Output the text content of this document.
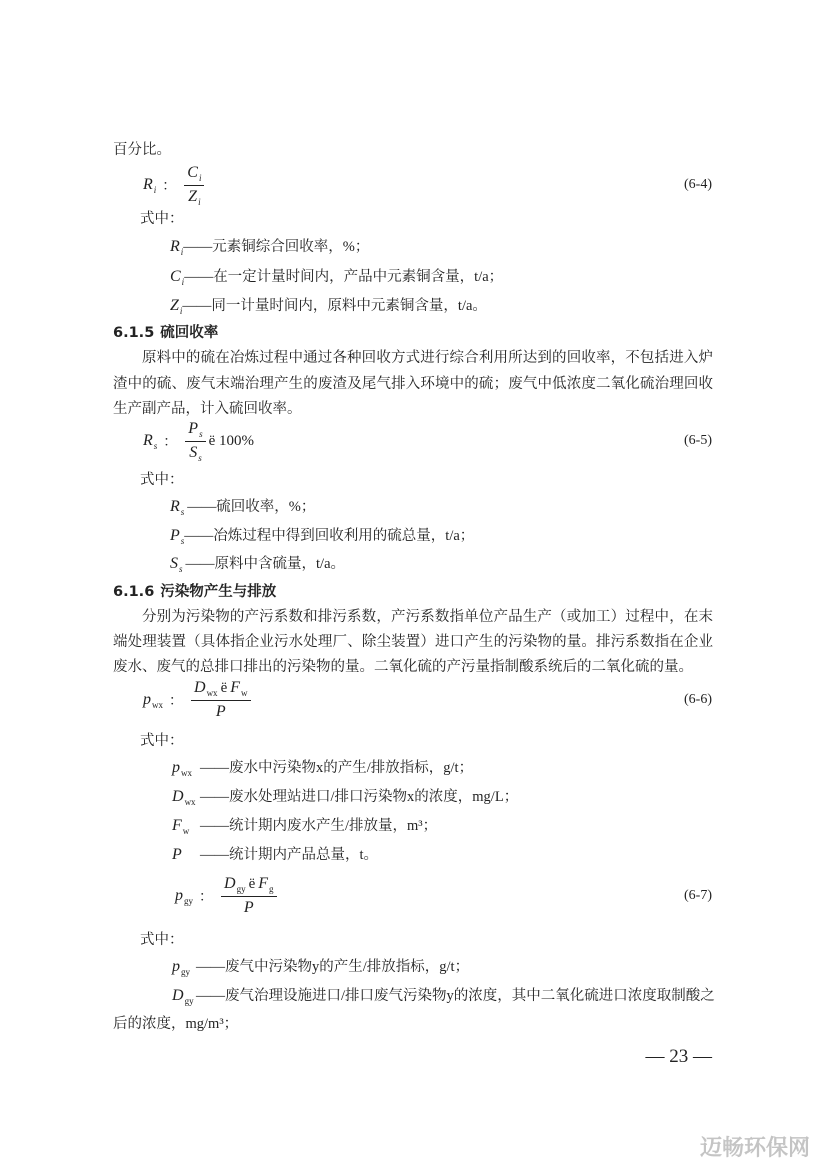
百分比。
$R_i$ ： $\frac{C_i}{Z_i}$	(6-4)
式中：
$R_i——$元素铜综合回收率，%；
$C_i——$在一定计量时间内，产品中元素铜含量，t/a；
$Z_i——$同一计量时间内，原料中元素铜含量，t/a。
6.1.5 硫回收率
原料中的硫在冶炼过程中通过各种回收方式进行综合利用所达到的回收率，不包括进入炉
渣中的硫、废气末端治理产生的废渣及尾气排入环境中的硫；废气中低浓度二氧化硫治理回收
生产副产品，计入硫回收率。
$R_s$ ： $\frac{P_s}{S_s}$ ë 100%	(6-5)
式中：
$R_s$ ——硫回收率，%；
$P_s——$冶炼过程中得到回收利用的硫总量，t/a；
$S_s$ ——原料中含硫量，t/a。
6.1.6 污染物产生与排放
分别为污染物的产污系数和排污系数，产污系数指单位产品生产（或加工）过程中，在末
端处理装置（具体指企业污水处理厂、除尘装置）进口产生的污染物的量。排污系数指在企业
废水、废气的总排口排出的污染物的量。二氧化硫的产污量指制酸系统后的二氧化硫的量。
$p_{wx}$ ： $\frac{D_{wx} ë F_w}{P}$	(6-6)
式中：
$p_{wx}$ ——废水中污染物x的产生/排放指标，g/t；
$D_{wx}$ ——废水处理站进口/排口污染物x的浓度，mg/L；
$F_w$ ——统计期内废水产生/排放量，m³；
P ——统计期内产品总量，t。
$p_{gy}$ ： $\frac{D_{gy} ë F_g}{P}$	(6-7)
式中：
$p_{gy}$ ——废气中污染物y的产生/排放指标，g/t；
$D_{gy}$ ——废气治理设施进口/排口废气污染物y的浓度，其中二氧化硫进口浓度取制酸之
后的浓度，mg/m³；
— 23 —
迈畅环保网
